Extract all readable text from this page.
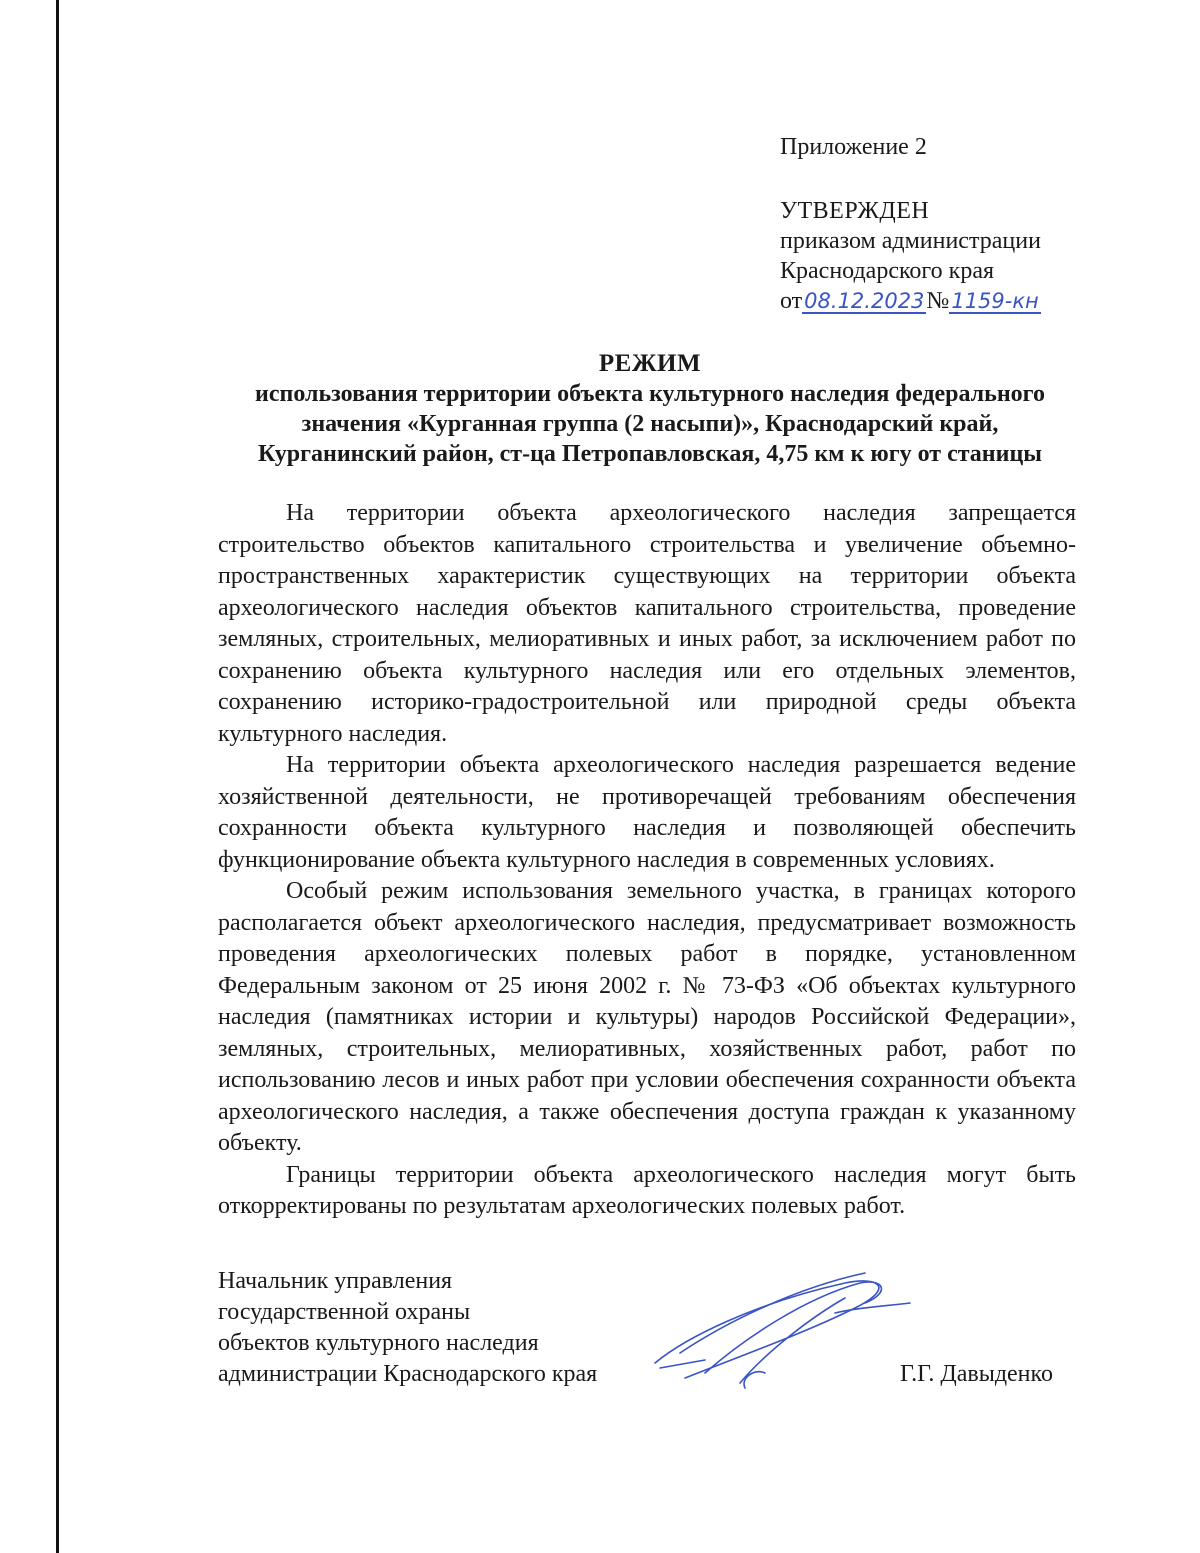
Приложение 2
УТВЕРЖДЕН
приказом администрации
Краснодарского края
от08.12.2023№1159-кн
РЕЖИМ
использования территории объекта культурного наследия федерального
значения «Курганная группа (2 насыпи)», Краснодарский край,
Курганинский район, ст-ца Петропавловская, 4,75 км к югу от станицы

На территории объекта археологического наследия запрещается строительство объектов капитального строительства и увеличение объемно-пространственных характеристик существующих на территории объекта археологического наследия объектов капитального строительства, проведение земляных, строительных, мелиоративных и иных работ, за исключением работ по сохранению объекта культурного наследия или его отдельных элементов, сохранению историко-градостроительной или природной среды объекта культурного наследия.

На территории объекта археологического наследия разрешается ведение хозяйственной деятельности, не противоречащей требованиям обеспечения сохранности объекта культурного наследия и позволяющей обеспечить функционирование объекта культурного наследия в современных условиях.

Особый режим использования земельного участка, в границах которого располагается объект археологического наследия, предусматривает возможность проведения археологических полевых работ в порядке, установленном Федеральным законом от 25 июня 2002 г. № 73-ФЗ «Об объектах культурного наследия (памятниках истории и культуры) народов Российской Федерации», земляных, строительных, мелиоративных, хозяйственных работ, работ по использованию лесов и иных работ при условии обеспечения сохранности объекта археологического наследия, а также обеспечения доступа граждан к указанному объекту.

Границы территории объекта археологического наследия могут быть откорректированы по результатам археологических полевых работ.

Начальник управления
государственной охраны
объектов культурного наследия
администрации Краснодарского края	Г.Г. Давыденко
